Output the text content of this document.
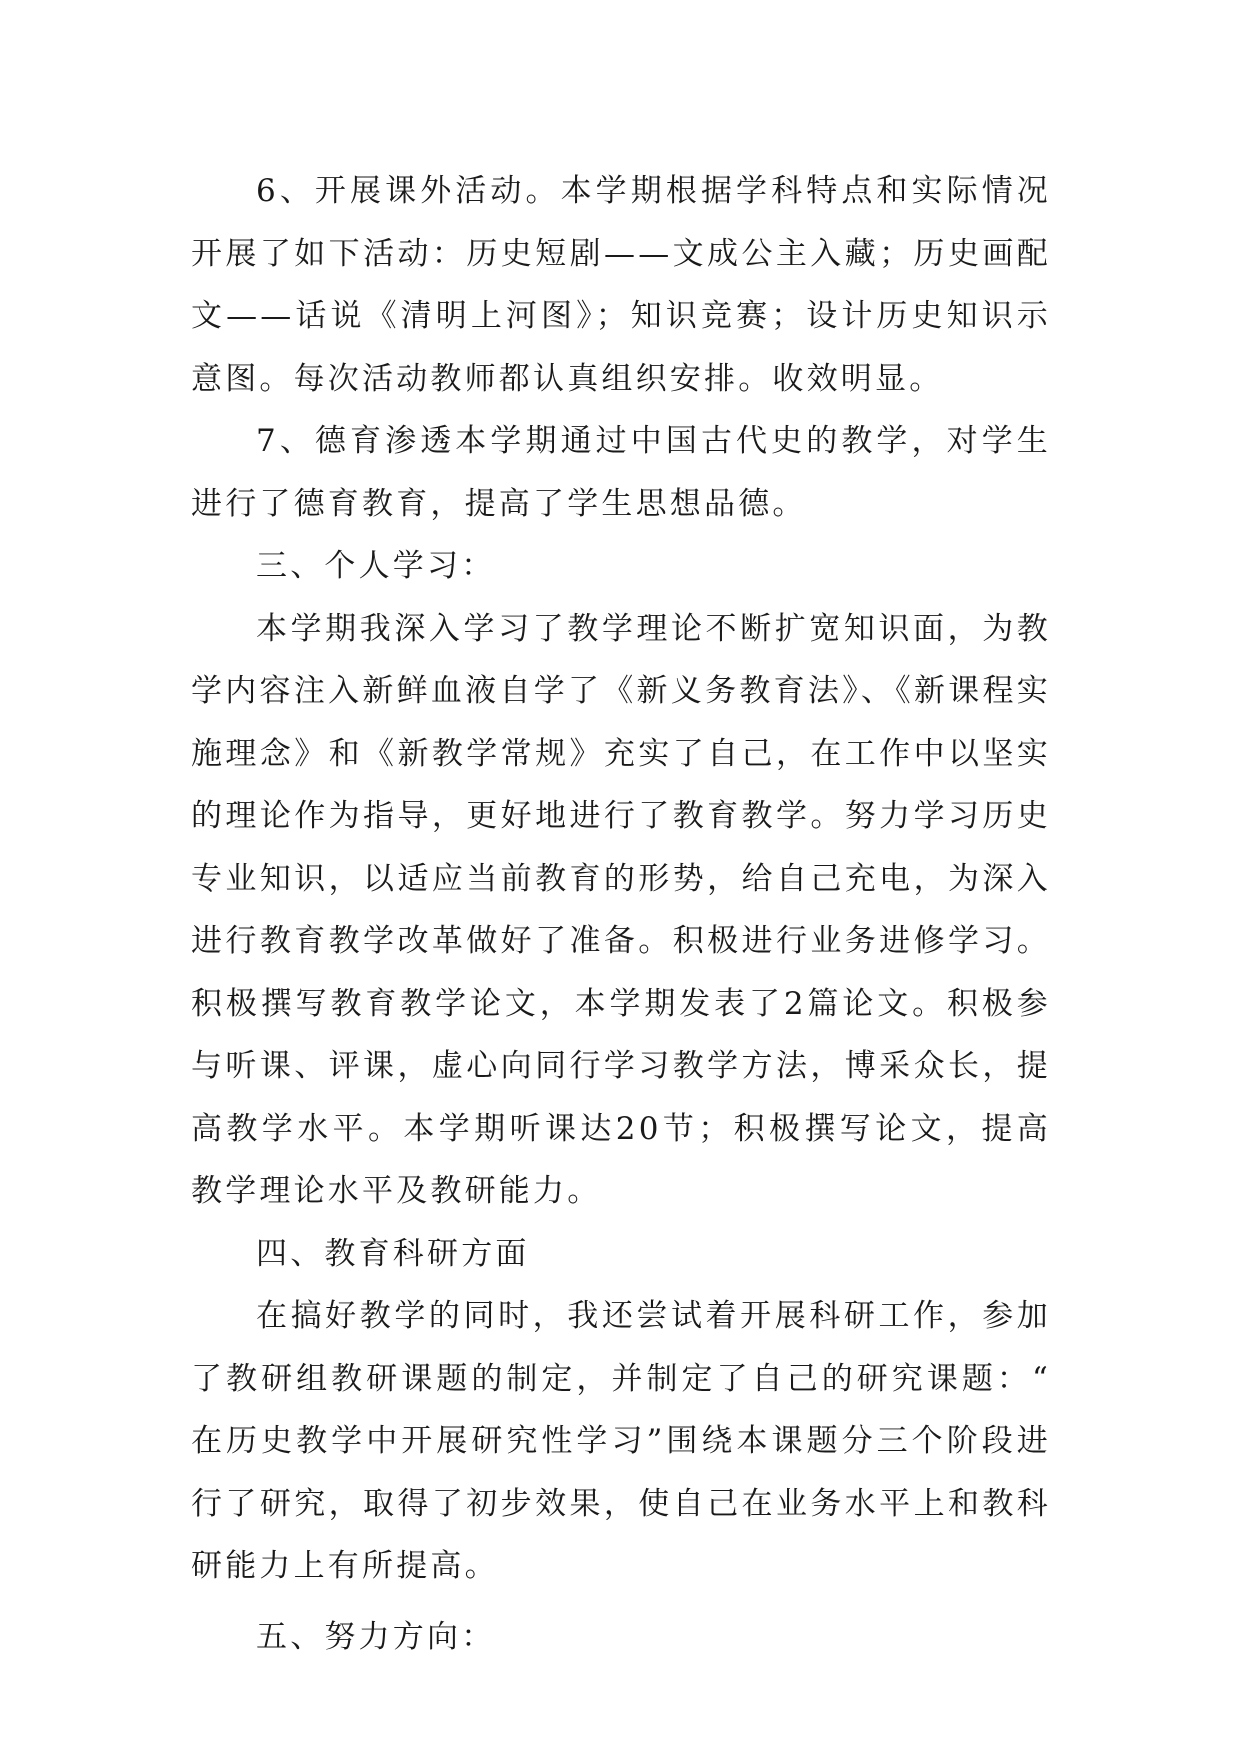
6、开展课外活动。本学期根据学科特点和实际情况开展了如下活动：历史短剧——文成公主入藏；历史画配文——话说《清明上河图》；知识竞赛；设计历史知识示意图。每次活动教师都认真组织安排。收效明显。

7、德育渗透本学期通过中国古代史的教学，对学生进行了德育教育，提高了学生思想品德。

三、个人学习：

本学期我深入学习了教学理论不断扩宽知识面，为教学内容注入新鲜血液自学了《新义务教育法》、《新课程实施理念》和《新教学常规》充实了自己，在工作中以坚实的理论作为指导，更好地进行了教育教学。努力学习历史专业知识，以适应当前教育的形势，给自己充电，为深入进行教育教学改革做好了准备。积极进行业务进修学习。积极撰写教育教学论文，本学期发表了2篇论文。积极参与听课、评课，虚心向同行学习教学方法，博采众长，提高教学水平。本学期听课达20节；积极撰写论文，提高教学理论水平及教研能力。

四、教育科研方面

在搞好教学的同时，我还尝试着开展科研工作，参加了教研组教研课题的制定，并制定了自己的研究课题：“在历史教学中开展研究性学习”围绕本课题分三个阶段进行了研究，取得了初步效果，使自己在业务水平上和教科研能力上有所提高。

五、努力方向：
